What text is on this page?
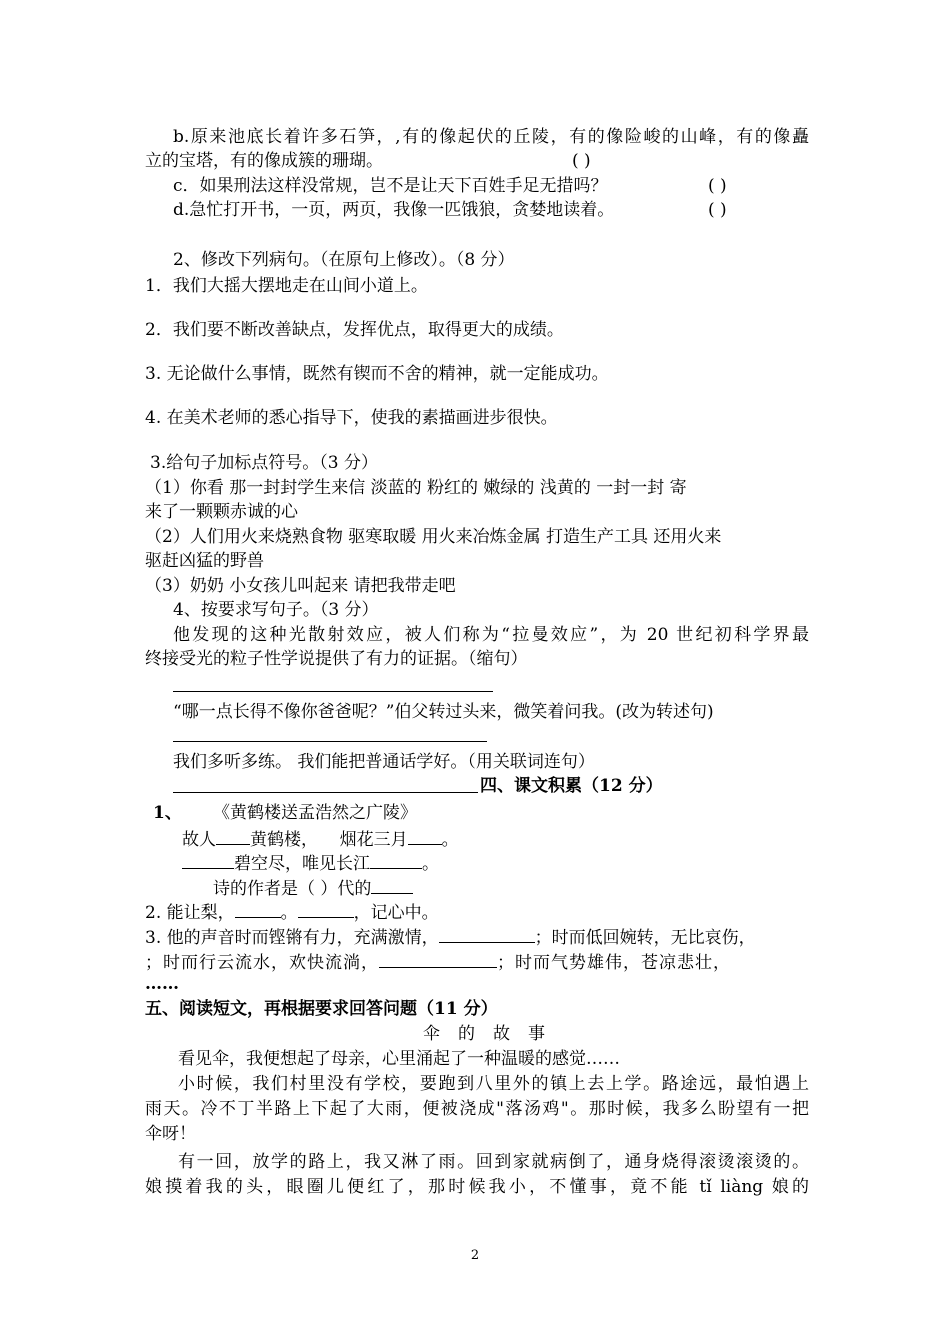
b.原来池底长着许多石笋，,有的像起伏的丘陵，有的像险峻的山峰，有的像矗
立的宝塔，有的像成簇的珊瑚。	( )
c．如果刑法这样没常规，岂不是让天下百姓手足无措吗？	( )
d.急忙打开书，一页，两页，我像一匹饿狼，贪婪地读着。	( )
2、修改下列病句。（在原句上修改）。（8 分）
1．我们大摇大摆地走在山间小道上。
2．我们要不断改善缺点，发挥优点，取得更大的成绩。
3. 无论做什么事情，既然有锲而不舍的精神，就一定能成功。
4. 在美术老师的悉心指导下，使我的素描画进步很快。
3.给句子加标点符号。（3 分）
（1）你看 那一封封学生来信 淡蓝的 粉红的 嫩绿的 浅黄的 一封一封 寄
来了一颗颗赤诚的心
（2）人们用火来烧熟食物 驱寒取暖 用火来冶炼金属 打造生产工具 还用火来
驱赶凶猛的野兽
（3）奶奶 小女孩儿叫起来 请把我带走吧
4、按要求写句子。（3 分）
他发现的这种光散射效应，被人们称为“拉曼效应”，为 20 世纪初科学界最
终接受光的粒子性学说提供了有力的证据。（缩句）
“哪一点长得不像你爸爸呢？”伯父转过头来，微笑着问我。(改为转述句)
我们多听多练。 我们能把普通话学好。（用关联词连句）
四、课文积累（12 分）
1、 《黄鹤楼送孟浩然之广陵》
故人 黄鹤楼， 烟花三月 。
碧空尽，唯见长江	。
诗的作者是（ ）代的
2. 能让梨，	。	，记心中。
3. 他的声音时而铿锵有力，充满激情，	；时而低回婉转，无比哀伤，
；时而行云流水，欢快流淌，	；时而气势雄伟，苍凉悲壮，
……
五、阅读短文，再根据要求回答问题（11 分）
伞的故事
看见伞，我便想起了母亲，心里涌起了一种温暖的感觉……
小时候，我们村里没有学校，要跑到八里外的镇上去上学。路途远，最怕遇上
雨天。冷不丁半路上下起了大雨，便被浇成"落汤鸡"。那时候，我多么盼望有一把
伞呀！
有一回，放学的路上，我又淋了雨。回到家就病倒了，通身烧得滚烫滚烫的。
娘摸着我的头，眼圈儿便红了，那时候我小，不懂事，竟不能 tǐ liàng 娘的
2
